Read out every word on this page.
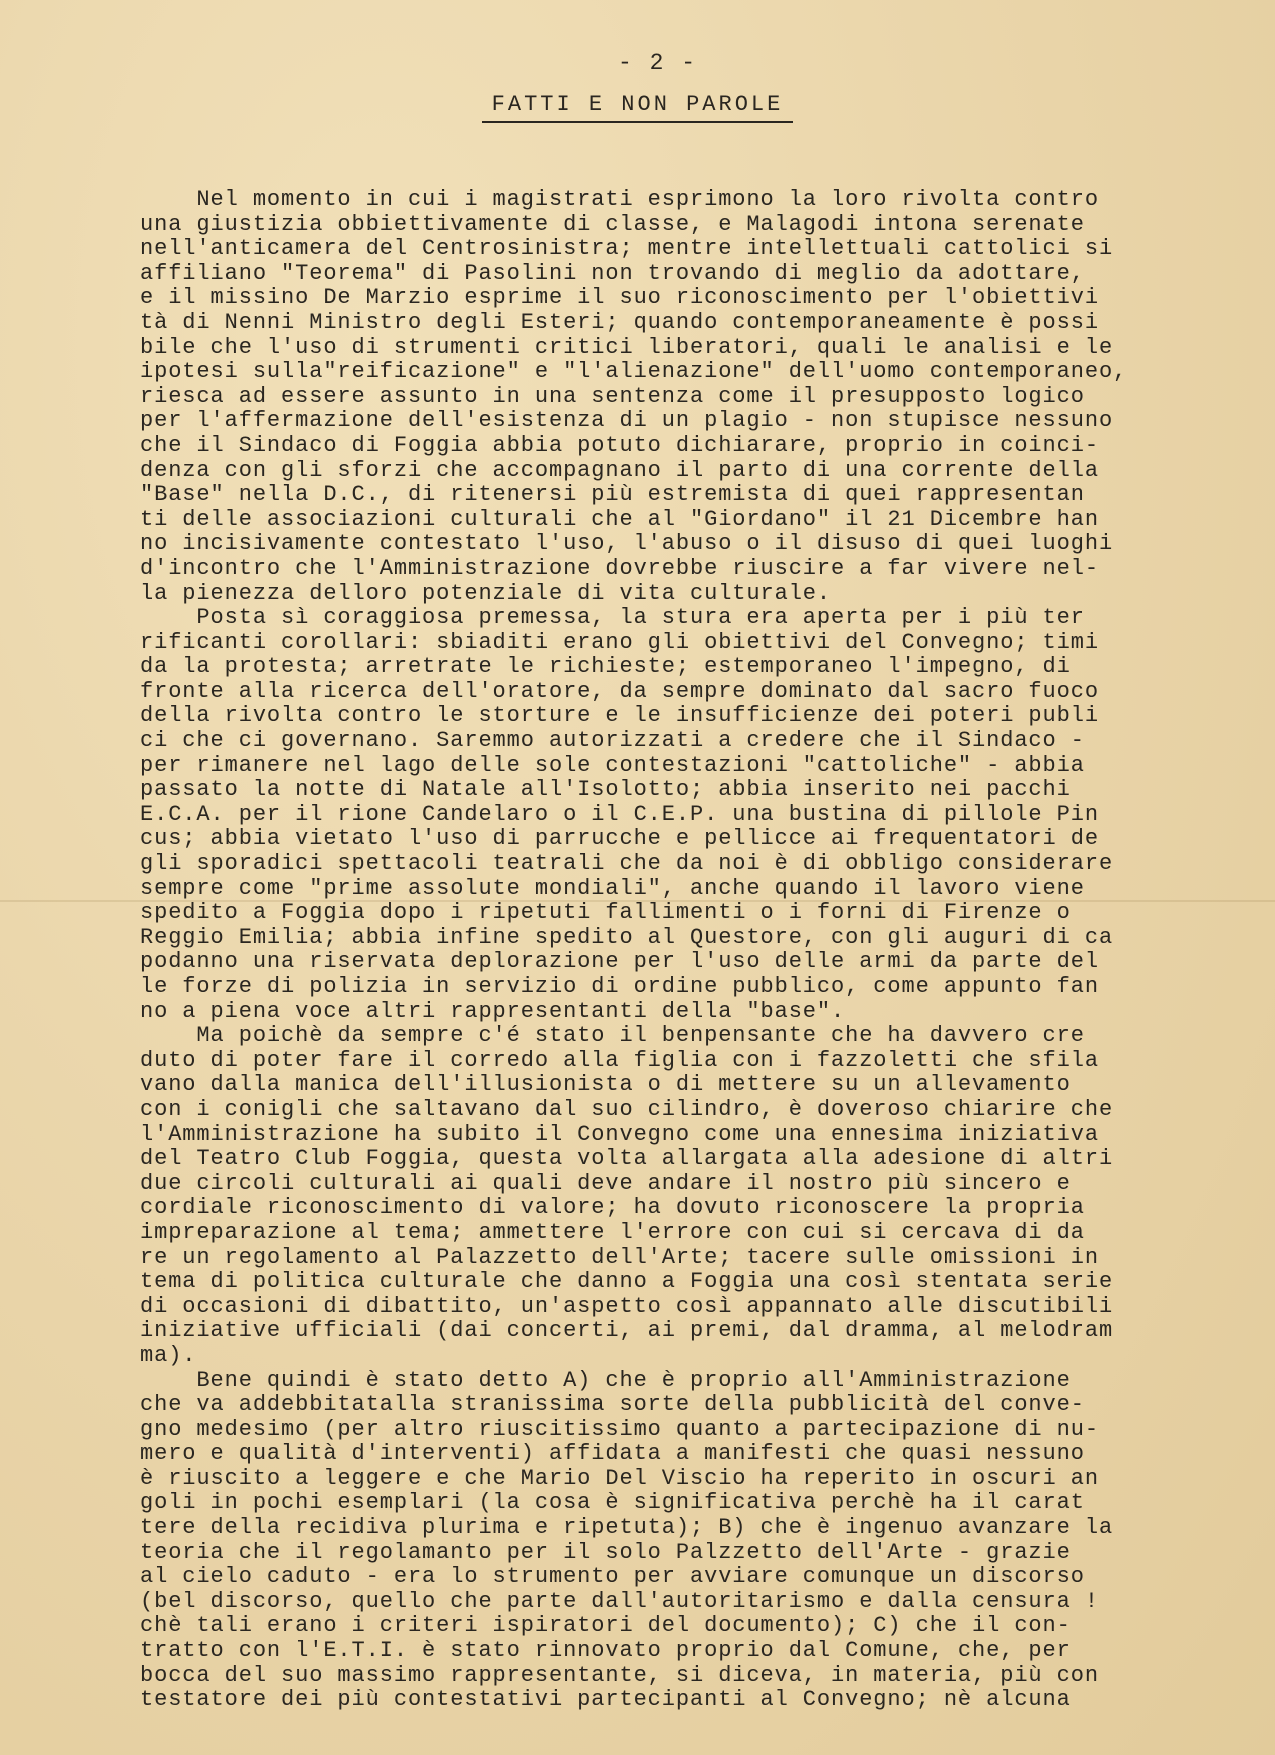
- 2 -
FATTI E NON PAROLE
Nel momento in cui i magistrati esprimono la loro rivolta contro
una giustizia obbiettivamente di classe, e Malagodi intona serenate
nell'anticamera del Centrosinistra; mentre intellettuali cattolici si
affiliano "Teorema" di Pasolini non trovando di meglio da adottare,
e il missino De Marzio esprime il suo riconoscimento per l'obiettivi
tà di Nenni Ministro degli Esteri; quando contemporaneamente è possi
bile che l'uso di strumenti critici liberatori, quali le analisi e le
ipotesi sulla"reificazione" e "l'alienazione" dell'uomo contemporaneo,
riesca ad essere assunto in una sentenza come il presupposto logico
per l'affermazione dell'esistenza di un plagio - non stupisce nessuno
che il Sindaco di Foggia abbia potuto dichiarare, proprio in coinci-
denza con gli sforzi che accompagnano il parto di una corrente della
"Base" nella D.C., di ritenersi più estremista di quei rappresentan
ti delle associazioni culturali che al "Giordano" il 21 Dicembre han
no incisivamente contestato l'uso, l'abuso o il disuso di quei luoghi
d'incontro che l'Amministrazione dovrebbe riuscire a far vivere nel-
la pienezza delloro potenziale di vita culturale.
Posta sì coraggiosa premessa, la stura era aperta per i più ter
rificanti corollari: sbiaditi erano gli obiettivi del Convegno; timi
da la protesta; arretrate le richieste; estemporaneo l'impegno, di
fronte alla ricerca dell'oratore, da sempre dominato dal sacro fuoco
della rivolta contro le storture e le insufficienze dei poteri publi
ci che ci governano. Saremmo autorizzati a credere che il Sindaco -
per rimanere nel lago delle sole contestazioni "cattoliche" - abbia
passato la notte di Natale all'Isolotto; abbia inserito nei pacchi
E.C.A. per il rione Candelaro o il C.E.P. una bustina di pillole Pin
cus; abbia vietato l'uso di parrucche e pellicce ai frequentatori de
gli sporadici spettacoli teatrali che da noi è di obbligo considerare
sempre come "prime assolute mondiali", anche quando il lavoro viene
spedito a Foggia dopo i ripetuti fallimenti o i forni di Firenze o
Reggio Emilia; abbia infine spedito al Questore, con gli auguri di ca
podanno una riservata deplorazione per l'uso delle armi da parte del
le forze di polizia in servizio di ordine pubblico, come appunto fan
no a piena voce altri rappresentanti della "base".
Ma poichè da sempre c'é stato il benpensante che ha davvero cre
duto di poter fare il corredo alla figlia con i fazzoletti che sfila
vano dalla manica dell'illusionista o di mettere su un allevamento
con i conigli che saltavano dal suo cilindro, è doveroso chiarire che
l'Amministrazione ha subito il Convegno come una ennesima iniziativa
del Teatro Club Foggia, questa volta allargata alla adesione di altri
due circoli culturali ai quali deve andare il nostro più sincero e
cordiale riconoscimento di valore; ha dovuto riconoscere la propria
impreparazione al tema; ammettere l'errore con cui si cercava di da
re un regolamento al Palazzetto dell'Arte; tacere sulle omissioni in
tema di politica culturale che danno a Foggia una così stentata serie
di occasioni di dibattito, un'aspetto così appannato alle discutibili
iniziative ufficiali (dai concerti, ai premi, dal dramma, al melodram
ma).
Bene quindi è stato detto A) che è proprio all'Amministrazione
che va addebbitatalla stranissima sorte della pubblicità del conve-
gno medesimo (per altro riuscitissimo quanto a partecipazione di nu-
mero e qualità d'interventi) affidata a manifesti che quasi nessuno
è riuscito a leggere e che Mario Del Viscio ha reperito in oscuri an
goli in pochi esemplari (la cosa è significativa perchè ha il carat
tere della recidiva plurima e ripetuta); B) che è ingenuo avanzare la
teoria che il regolamanto per il solo Palzzetto dell'Arte - grazie
al cielo caduto - era lo strumento per avviare comunque un discorso
(bel discorso, quello che parte dall'autoritarismo e dalla censura !
chè tali erano i criteri ispiratori del documento); C) che il con-
tratto con l'E.T.I. è stato rinnovato proprio dal Comune, che, per
bocca del suo massimo rappresentante, si diceva, in materia, più con
testatore dei più contestativi partecipanti al Convegno; nè alcuna
